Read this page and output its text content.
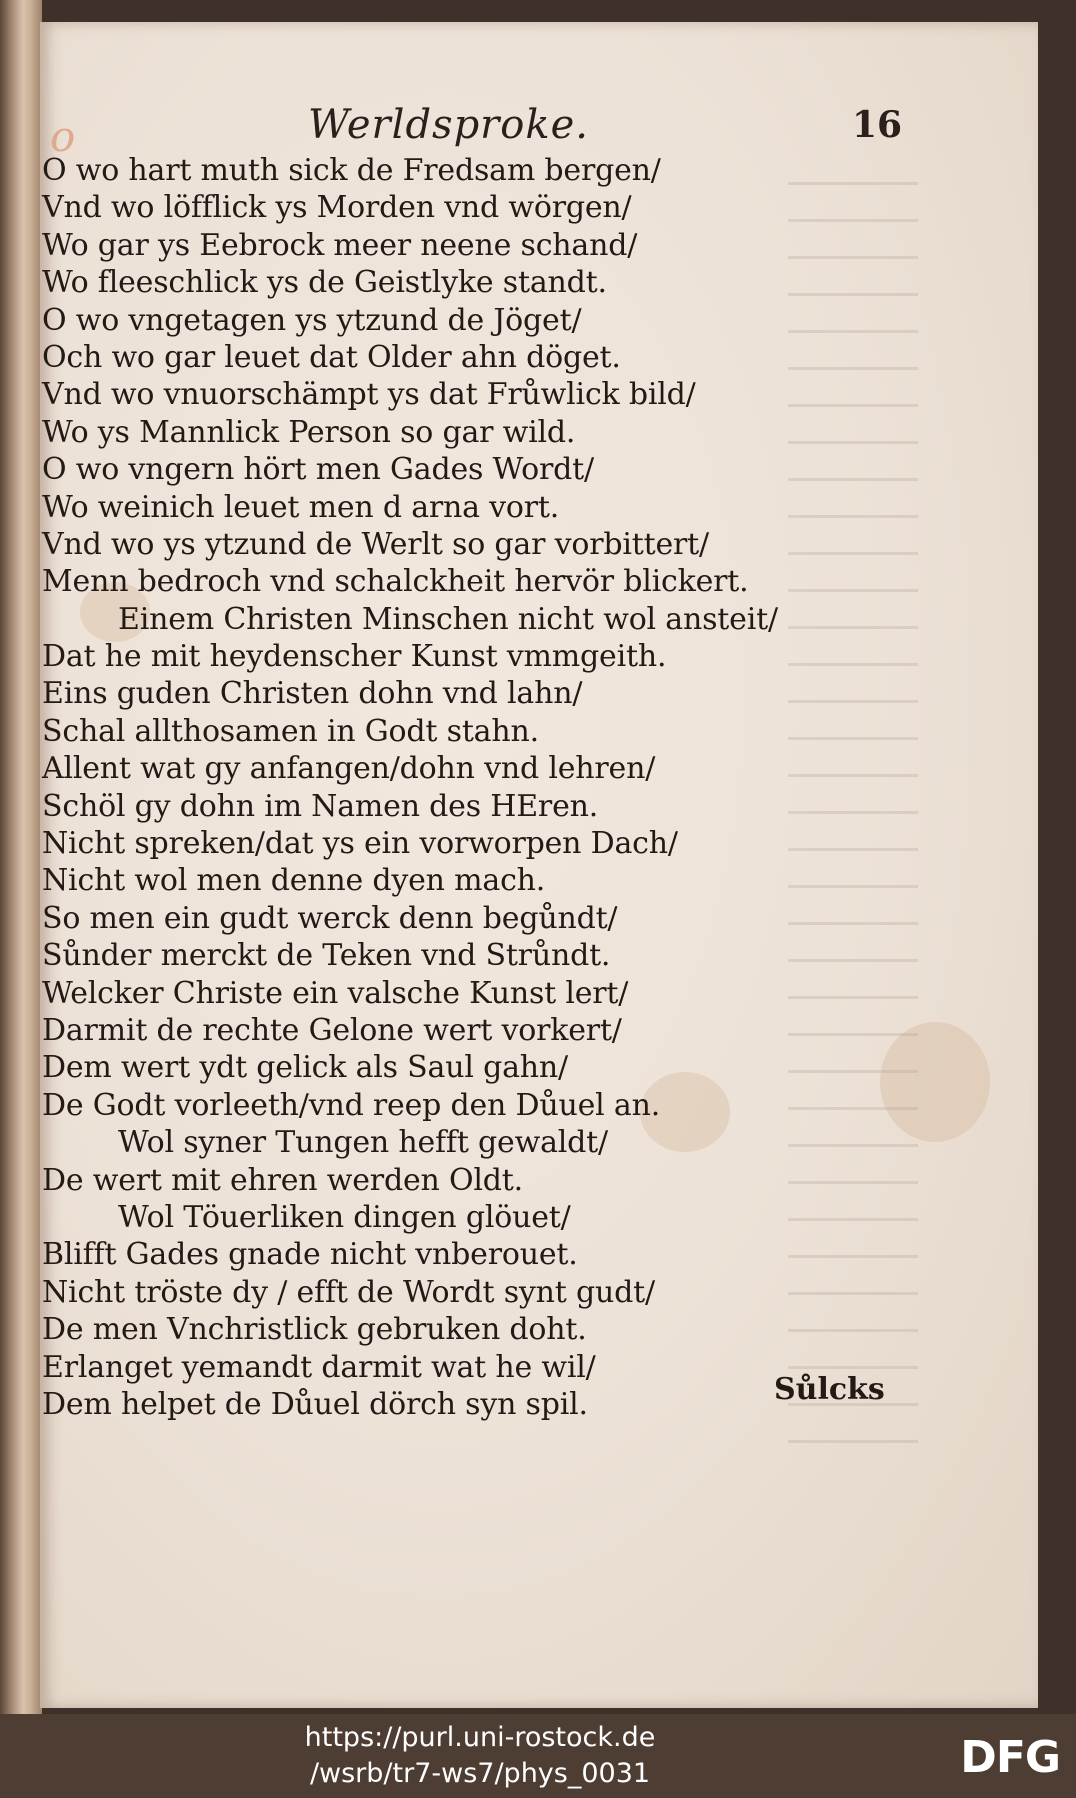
o	Werldsproke.	16
O wo hart muth sick de Fredsam bergen/
Vnd wo löfflick ys Morden vnd wörgen/
Wo gar ys Eebrock meer neene schand/
Wo fleeschlick ys de Geistlyke standt.
O wo vngetagen ys ytzund de Jöget/
Och wo gar leuet dat Older ahn döget.
Vnd wo vnuorschämpt ys dat Frůwlick bild/
Wo ys Mannlick Person so gar wild.
O wo vngern hört men Gades Wordt/
Wo weinich leuet men d arna vort.
Vnd wo ys ytzund de Werlt so gar vorbittert/
Menn bedroch vnd schalckheit hervör blickert.
Einem Christen Minschen nicht wol ansteit/
Dat he mit heydenscher Kunst vmmgeith.
Eins guden Christen dohn vnd lahn/
Schal allthosamen in Godt stahn.
Allent wat gy anfangen/dohn vnd lehren/
Schöl gy dohn im Namen des HEren.
Nicht spreken/dat ys ein vorworpen Dach/
Nicht wol men denne dyen mach.
So men ein gudt werck denn begůndt/
Sůnder merckt de Teken vnd Strůndt.
Welcker Christe ein valsche Kunst lert/
Darmit de rechte Gelone wert vorkert/
Dem wert ydt gelick als Saul gahn/
De Godt vorleeth/vnd reep den Důuel an.
Wol syner Tungen hefft gewaldt/
De wert mit ehren werden Oldt.
Wol Töuerliken dingen glöuet/
Blifft Gades gnade nicht vnberouet.
Nicht tröste dy / efft de Wordt synt gudt/
De men Vnchristlick gebruken doht.
Erlanget yemandt darmit wat he wil/
Dem helpet de Důuel dörch syn spil.	Sůlcks
https://purl.uni-rostock.de
/wsrb/tr7-ws7/phys_0031	DFG
